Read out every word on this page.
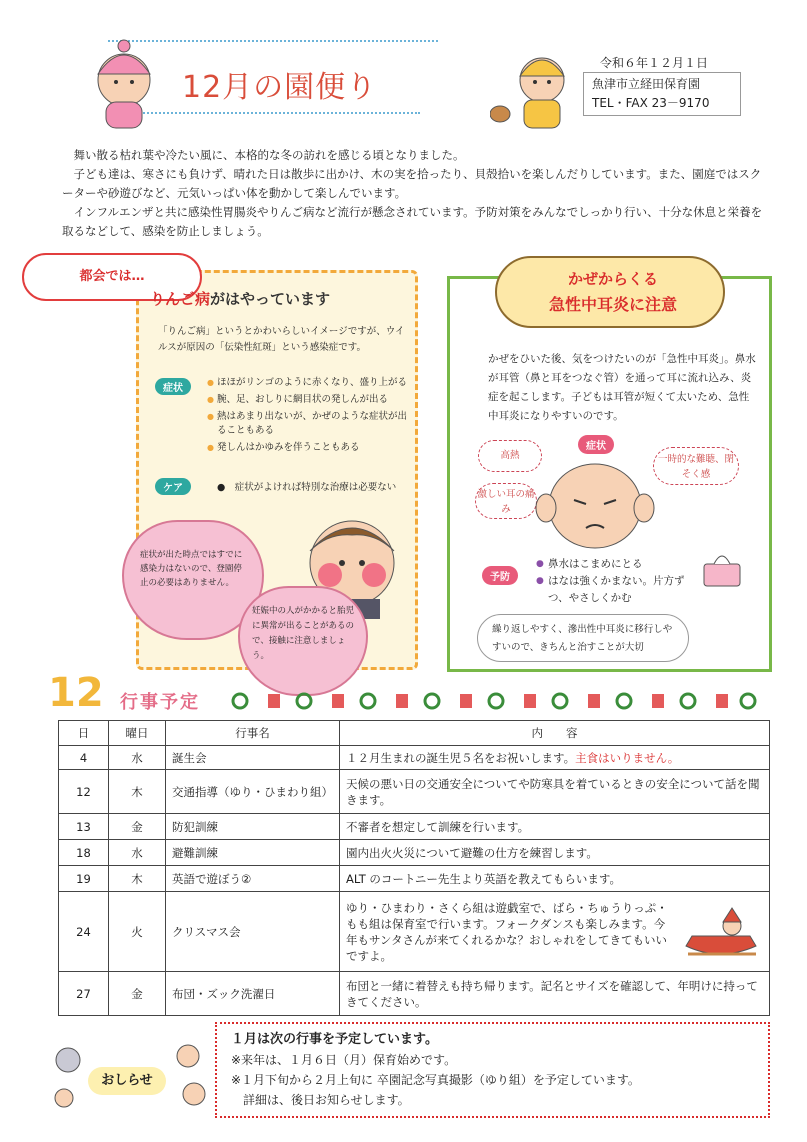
12月の園便り
令和６年１２月１日
魚津市立経田保育園
TEL・FAX 23－9170

　舞い散る枯れ葉や冷たい風に、本格的な冬の訪れを感じる頃となりました。

　子ども達は、寒さにも負けず、晴れた日は散歩に出かけ、木の実を拾ったり、貝殻拾いを楽しんだりしています。また、園庭ではスクーターや砂遊びなど、元気いっぱい体を動かして楽しんでいます。

　インフルエンザと共に感染性胃腸炎やりんご病など流行が懸念されています。予防対策をみんなでしっかり行い、十分な休息と栄養を取るなどして、感染を防止しましょう。

都会では…
りんご病がはやっています
「りんご病」というとかわいらしいイメージですが、ウイルスが原因の「伝染性紅斑」という感染症です。
症状
● ほほがリンゴのように赤くなり、盛り上がる
● 腕、足、おしりに網目状の発しんが出る
● 熱はあまり出ないが、かぜのような症状が出ることもある
● 発しんはかゆみを伴うこともある
ケア	●　症状がよければ特別な治療は必要ない
症状が出た時点ではすでに感染力はないので、登園停止の必要はありません。
妊娠中の人がかかると胎児に異常が出ることがあるので、接触に注意しましょう。
かぜからくる
急性中耳炎に注意
かぜをひいた後、気をつけたいのが「急性中耳炎」。鼻水が耳管（鼻と耳をつなぐ管）を通って耳に流れ込み、炎症を起こします。子どもは耳管が短くて太いため、急性中耳炎になりやすいのです。
高熱
激しい耳の痛み
一時的な難聴、閉そく感
症状
予防
● 鼻水はこまめにとる
● はなは強くかまない。片方ずつ、やさしくかむ
繰り返しやすく、滲出性中耳炎に移行しやすいので、きちんと治すことが大切
12 行事予定
日	曜日	行事名	内　　容
4	水	誕生会	１２月生まれの誕生児５名をお祝いします。主食はいりません。
12	木	交通指導（ゆり・ひまわり組）	天候の悪い日の交通安全についてや防寒具を着ているときの安全について話を聞きます。
13	金	防犯訓練	不審者を想定して訓練を行います。
18	水	避難訓練	園内出火火災について避難の仕方を練習します。
19	木	英語で遊ぼう②	ALT のコートニー先生より英語を教えてもらいます。
24	火	クリスマス会	ゆり・ひまわり・さくら組は遊戯室で、ばら・ちゅうりっぷ・もも組は保育室で行います。フォークダンスも楽しみます。今年もサンタさんが来てくれるかな？おしゃれをしてきてもいいですよ。
27	金	布団・ズック洗濯日	布団と一緒に着替えも持ち帰ります。記名とサイズを確認して、年明けに持ってきてください。
おしらせ
１月は次の行事を予定しています。
※来年は、１月６日（月）保育始めです。
※１月下旬から２月上旬に 卒園記念写真撮影（ゆり組）を予定しています。
　詳細は、後日お知らせします。
